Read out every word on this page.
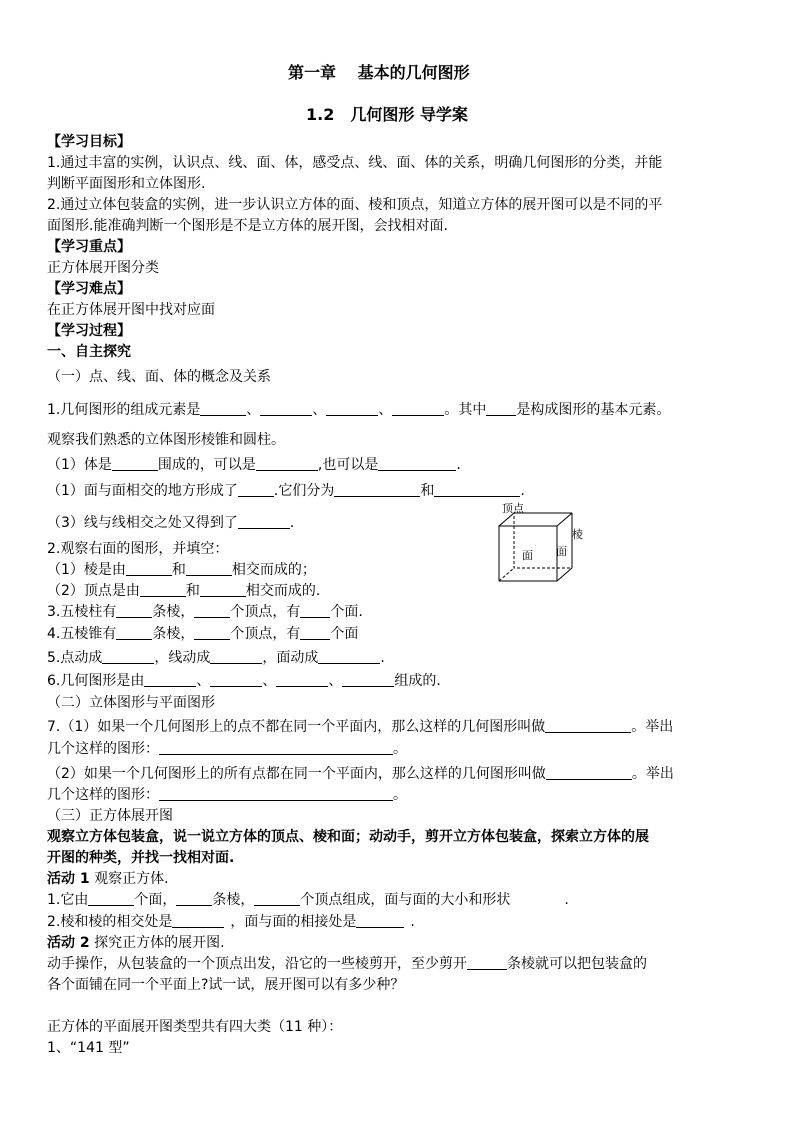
第一章　 基本的几何图形
1.2　几何图形 导学案
【学习目标】
1.通过丰富的实例，认识点、线、面、体，感受点、线、面、体的关系，明确几何图形的分类，并能
判断平面图形和立体图形.
2.通过立体包装盒的实例，进一步认识立方体的面、棱和顶点，知道立方体的展开图可以是不同的平
面图形.能准确判断一个图形是不是立方体的展开图，会找相对面.
【学习重点】
正方体展开图分类
【学习难点】
在正方体展开图中找对应面
【学习过程】
一、自主探究
（一）点、线、面、体的概念及关系
1.几何图形的组成元素是	、	、	、	。其中 是构成图形的基本元素。
观察我们熟悉的立体图形棱锥和圆柱。
（1）体是	围成的，可以是	,也可以是	.
（1）面与面相交的地方形成了	.它们分为	和	.
（3）线与线相交之处又得到了	.
2.观察右面的图形，并填空：
（1）棱是由	和	相交而成的；
（2）顶点是由	和	相交而成的.
3.五棱柱有	条棱，	个顶点，有 个面.
4.五棱锥有	条棱，	个顶点，有 个面
5.点动成	，线动成	，面动成	.
6.几何图形是由	、	、	、	组成的.
（二）立体图形与平面图形
7.（1）如果一个几何图形上的点不都在同一个平面内，那么这样的几何图形叫做	。举出
几个这样的图形：	。
（2）如果一个几何图形上的所有点都在同一个平面内，那么这样的几何图形叫做	。举出
几个这样的图形：	。
（三）正方体展开图
观察立方体包装盒，说一说立方体的顶点、棱和面；动动手，剪开立方体包装盒，探索立方体的展
开图的种类，并找一找相对面.
活动 1 观察正方体.
1.它由	个面，	条棱，	个顶点组成，面与面的大小和形状	.
2.棱和棱的相交处是	，面与面的相接处是	.
活动 2 探究正方体的展开图.
动手操作，从包装盒的一个顶点出发，沿它的一些棱剪开，至少剪开	条棱就可以把包装盒的
各个面铺在同一个平面上?试一试，展开图可以有多少种？
正方体的平面展开图类型共有四大类（11 种）：
1、“141 型”
顶点
棱
面 面
